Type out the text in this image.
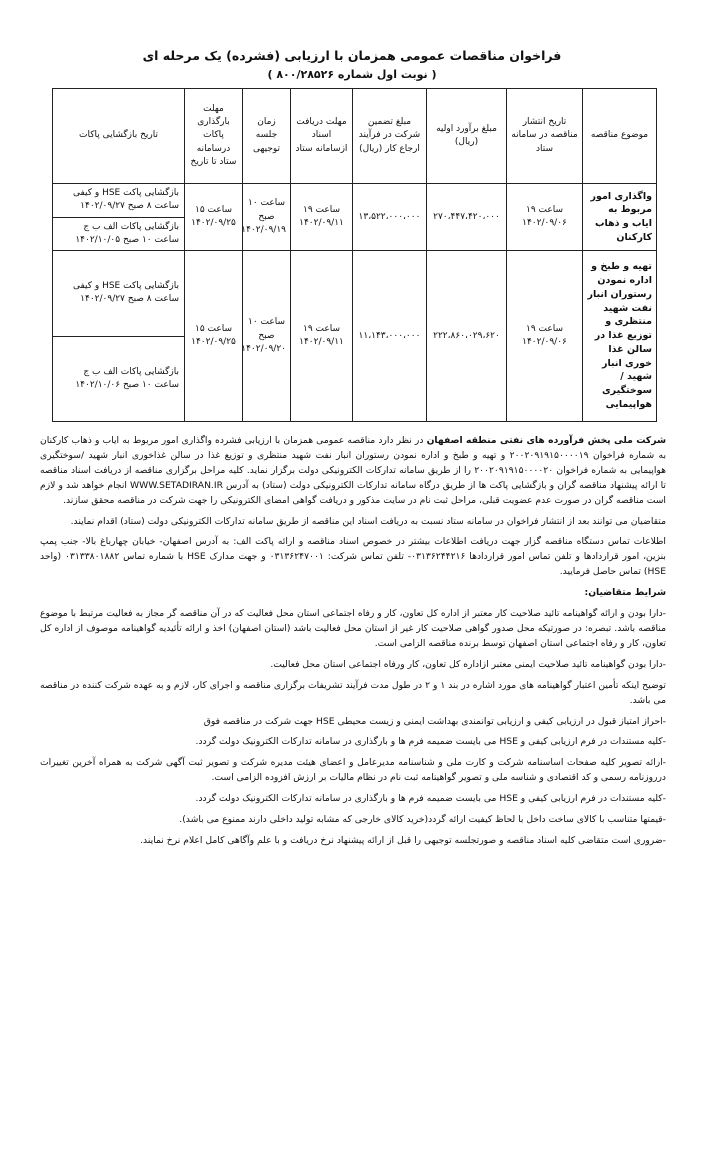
فراخوان مناقصات عمومی همزمان با ارزیابی (فشرده) یک مرحله ای
( نوبت اول شماره ۸۰۰/۲۸۵۲۶ )
موضوع مناقصه	تاریخ انتشار مناقصه در سامانه ستاد	مبلغ برآورد اولیه (ریال)	مبلغ تضمین شرکت در فرآیند ارجاع کار (ریال)	مهلت دریافت اسناد ازسامانه ستاد	زمان جلسه توجیهی	مهلت بارگذاری پاکات درسامانه ستاد تا تاریخ	تاریخ بازگشایی پاکات
واگذاری امور مربوط به ایاب و ذهاب کارکنان	ساعت ۱۹ ۱۴۰۲/۰۹/۰۶	۲۷۰،۴۴۷،۴۲۰،۰۰۰	۱۳،۵۲۲،۰۰۰،۰۰۰	ساعت ۱۹ ۱۴۰۲/۰۹/۱۱	ساعت ۱۰ صبح ۱۴۰۲/۰۹/۱۹	ساعت ۱۵ ۱۴۰۲/۰۹/۲۵	بازگشایی پاکت HSE و کیفی ساعت ۸ صبح ۱۴۰۲/۰۹/۲۷
							بازگشایی پاکات الف ب ج ساعت ۱۰ صبح ۱۴۰۲/۱۰/۰۵
تهیه و طبخ و اداره نمودن رستوران انبار نفت شهید منتظری و توزیع غذا در سالن غذا خوری انبار شهید / سوختگیری هواپیمایی	ساعت ۱۹ ۱۴۰۲/۰۹/۰۶	۲۲۲،۸۶۰،۰۲۹،۶۲۰	۱۱،۱۴۳،۰۰۰،۰۰۰	ساعت ۱۹ ۱۴۰۲/۰۹/۱۱	ساعت ۱۰ صبح ۱۴۰۲/۰۹/۲۰	ساعت ۱۵ ۱۴۰۲/۰۹/۲۵	بازگشایی پاکت HSE و کیفی ساعت ۸ صبح ۱۴۰۲/۰۹/۲۷
							بازگشایی پاکات الف ب ج ساعت ۱۰ صبح ۱۴۰۲/۱۰/۰۶

شرکت ملی پخش فرآورده های نفتی منطقه اصفهان در نظر دارد مناقصه عمومی همزمان با ارزیابی فشرده واگذاری امور مربوط به ایاب و ذهاب کارکنان به شماره فراخوان ۲۰۰۲۰۹۱۹۱۵۰۰۰۰۱۹ و تهیه و طبخ و اداره نمودن رستوران انبار نفت شهید منتظری و توزیع غذا در سالن غذاخوری انبار شهید /سوختگیری هواپیمایی به شماره فراخوان ۲۰۰۲۰۹۱۹۱۵۰۰۰۰۲۰ را از طریق سامانه تدارکات الکترونیکی دولت برگزار نماید. کلیه مراحل برگزاری مناقصه از دریافت اسناد مناقصه تا ارائه پیشنهاد مناقصه گران و بازگشایی پاکت ها از طریق درگاه سامانه تدارکات الکترونیکی دولت (ستاد) به آدرس WWW.SETADIRAN.IR انجام خواهد شد و لازم است مناقصه گران در صورت عدم عضویت قبلی، مراحل ثبت نام در سایت مذکور و دریافت گواهی امضای الکترونیکی را جهت شرکت در مناقصه محقق سازند.

متقاضیان می توانند بعد از انتشار فراخوان در سامانه ستاد نسبت به دریافت اسناد این مناقصه از طریق سامانه تدارکات الکترونیکی دولت (ستاد) اقدام نمایند.

اطلاعات تماس دستگاه مناقصه گزار جهت دریافت اطلاعات بیشتر در خصوص اسناد مناقصه و ارائه پاکت الف: به آدرس اصفهان- خیابان چهارباغ بالا- جنب پمپ بنزین، امور قراردادها و تلفن تماس امور قراردادها ۰۳۱۳۶۲۴۴۲۱۶- تلفن تماس شرکت: ۰۳۱۳۶۲۴۷۰۰۱ و جهت مدارک HSE با شماره تماس ۰۳۱۳۳۸۰۱۸۸۲ (واحد HSE) تماس حاصل فرمایید.

شرایط متقاضیان:

-دارا بودن و ارائه گواهینامه تائید صلاحیت کار معتبر از اداره کل تعاون، کار و رفاه اجتماعی استان محل فعالیت که در آن مناقصه گر مجاز به فعالیت مرتبط با موضوع مناقصه باشد. تبصره: در صورتیکه محل صدور گواهی صلاحیت کار غیر از استان محل فعالیت باشد (استان اصفهان) اخذ و ارائه تأئیدیه گواهینامه موصوف از اداره کل تعاون، کار و رفاه اجتماعی استان اصفهان توسط برنده مناقصه الزامی است.

-دارا بودن گواهینامه تائید صلاحیت ایمنی معتبر ازاداره کل تعاون، کار ورفاه اجتماعی استان محل فعالیت.

توضیح اینکه تأمین اعتبار گواهینامه های مورد اشاره در بند ۱ و ۲ در طول مدت فرآیند تشریفات برگزاری مناقصه و اجرای کار، لازم و به عهده شرکت کننده در مناقصه می باشد.

-احراز امتیاز قبول در ارزیابی کیفی و ارزیابی توانمندی بهداشت ایمنی و زیست محیطی HSE جهت شرکت در مناقصه فوق

-کلیه مستندات در فرم ارزیابی کیفی و HSE می بایست ضمیمه فرم ها و بارگذاری در سامانه تدارکات الکترونیک دولت گردد.

-ارائه تصویر کلیه صفحات اساسنامه شرکت و کارت ملی و شناسنامه مدیرعامل و اعضای هیئت مدیره شرکت و تصویر ثبت آگهی شرکت به همراه آخرین تغییرات درروزنامه رسمی و کد اقتصادی و شناسه ملی و تصویر گواهینامه ثبت نام در نظام مالیات بر ارزش افزوده الزامی است.

-کلیه مستندات در فرم ارزیابی کیفی و HSE می بایست ضمیمه فرم ها و بارگذاری در سامانه تدارکات الکترونیک دولت گردد.

-قیمتها متناسب با کالای ساخت داخل با لحاظ کیفیت ارائه گردد(خرید کالای خارجی که مشابه تولید داخلی دارند ممنوع می باشد).

-ضروری است متقاضی کلیه اسناد مناقصه و صورتجلسه توجیهی را قبل از ارائه پیشنهاد نرخ دریافت و با علم وآگاهی کامل اعلام نرخ نمایند.
